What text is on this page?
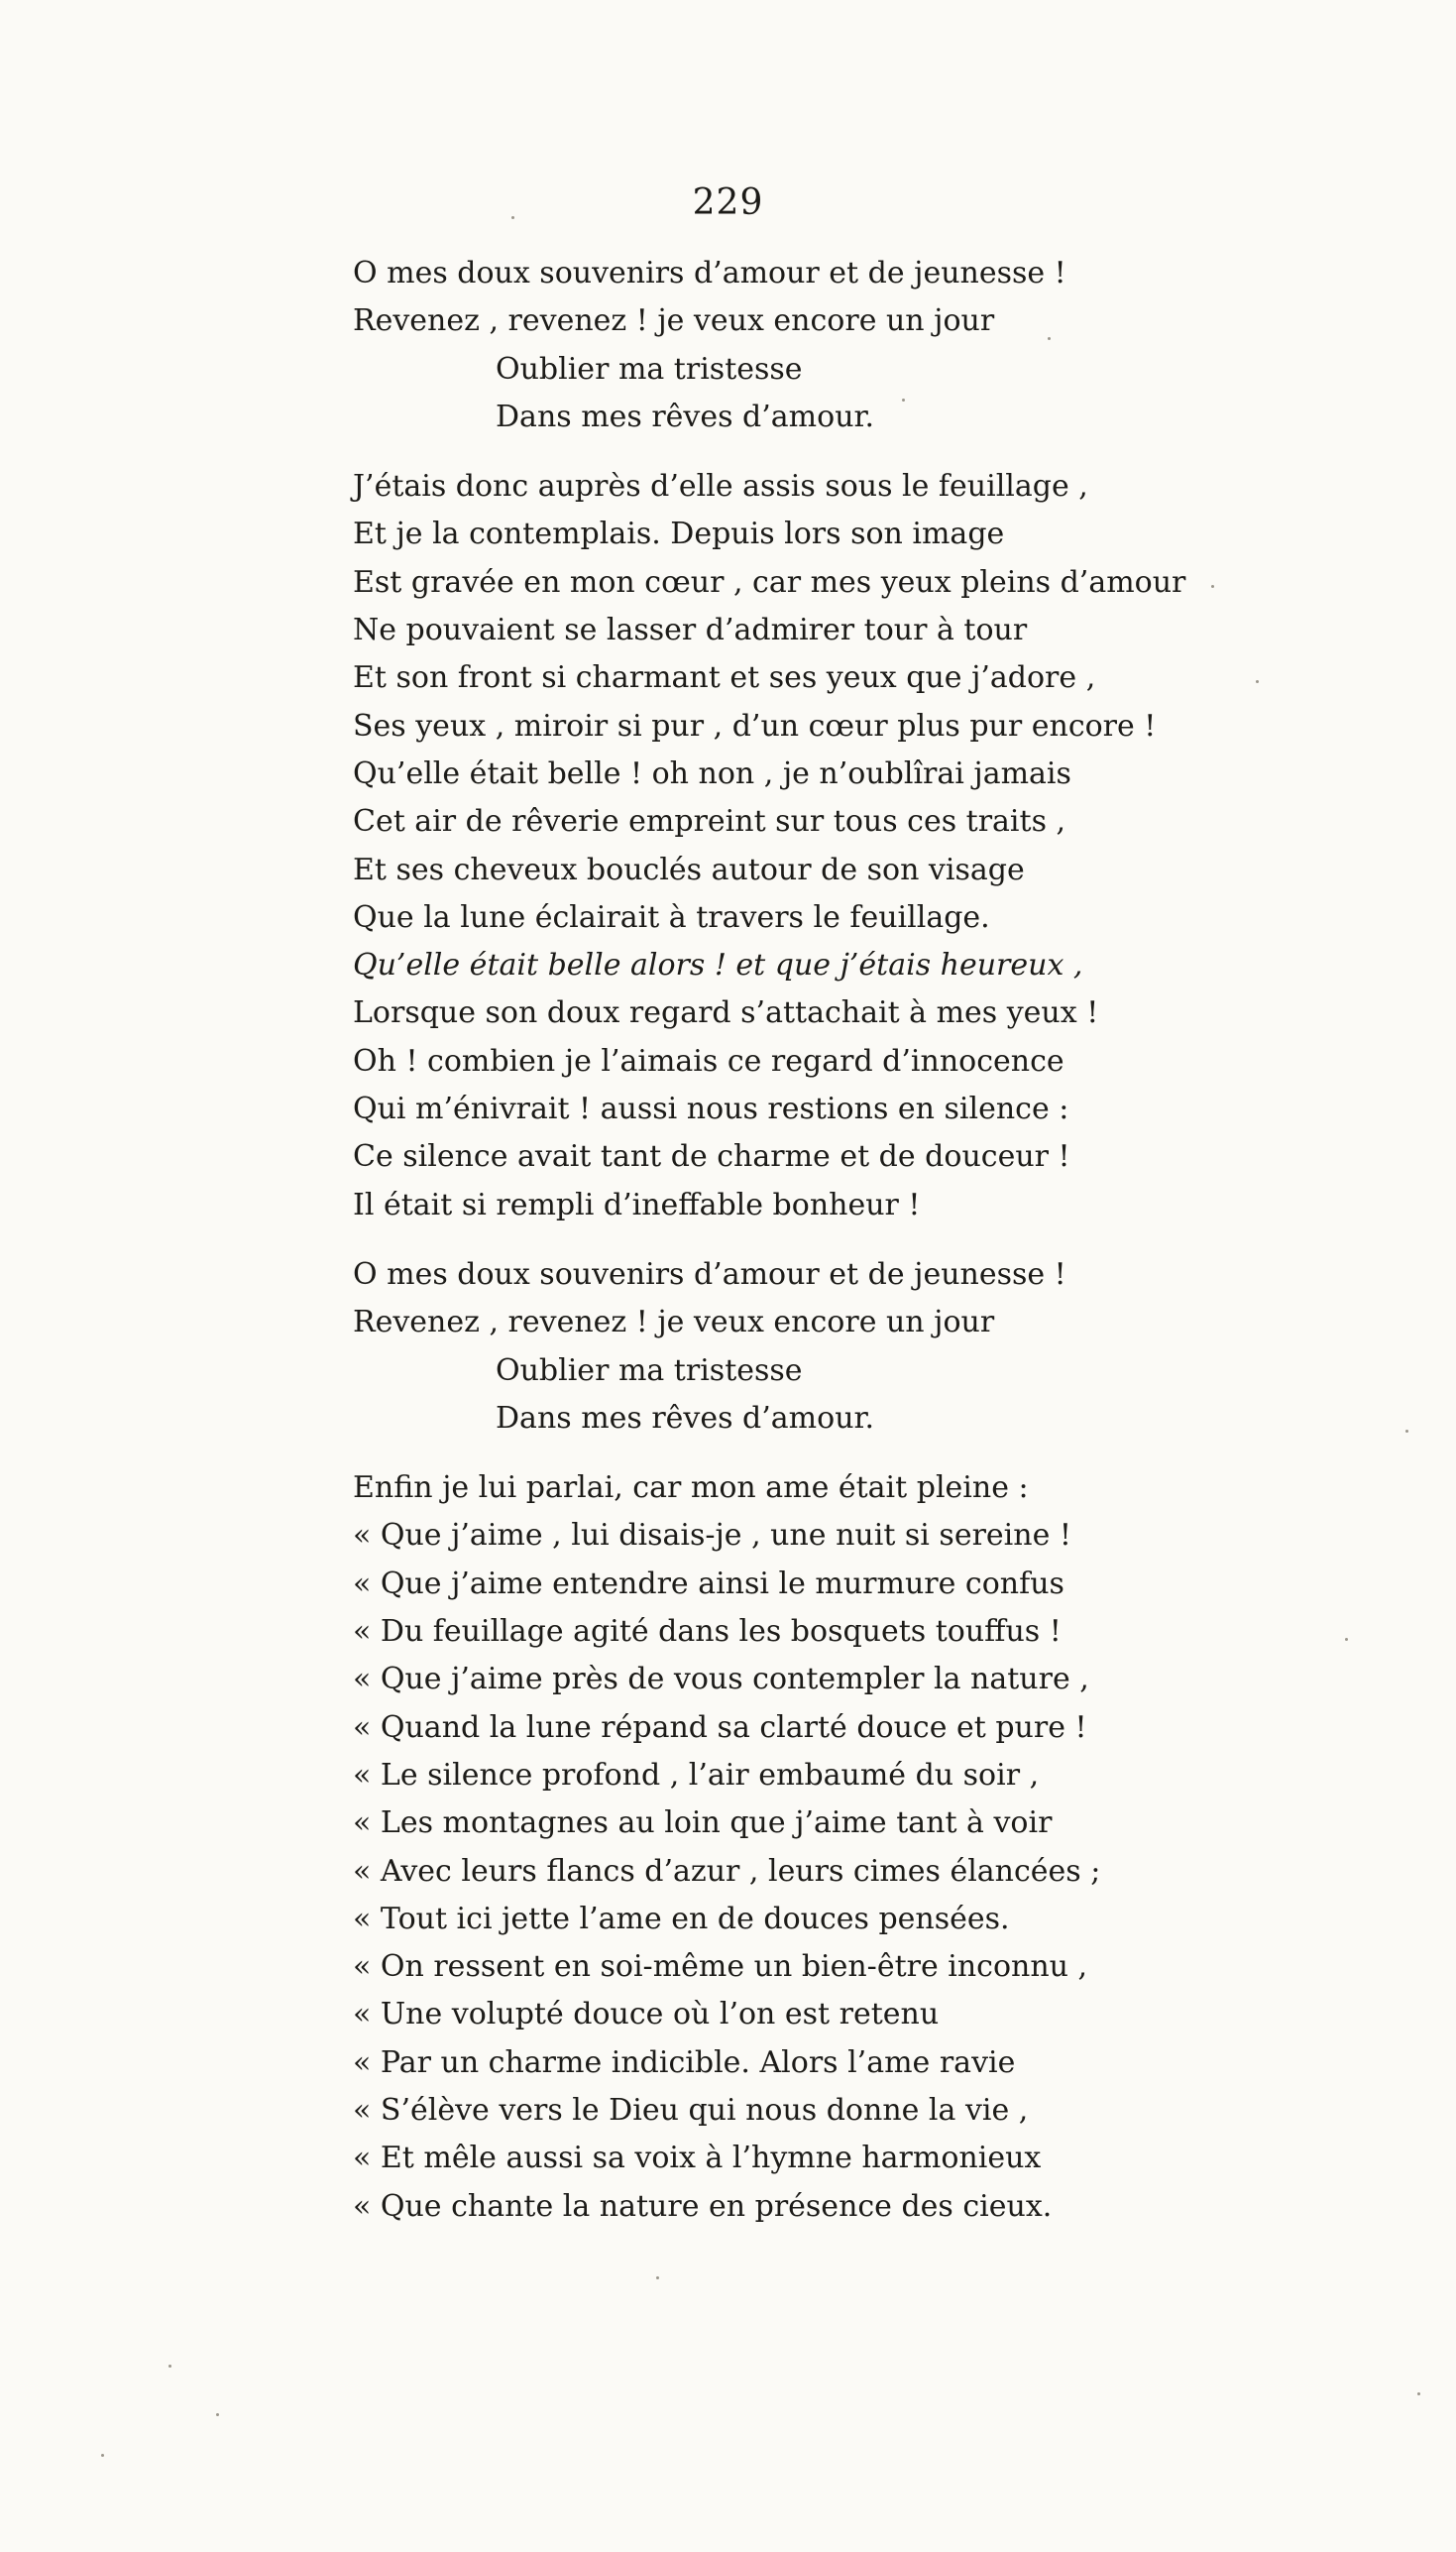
229
O mes doux souvenirs d’amour et de jeunesse !
Revenez , revenez ! je veux encore un jour
Oublier ma tristesse
Dans mes rêves d’amour.
J’étais donc auprès d’elle assis sous le feuillage ,
Et je la contemplais. Depuis lors son image
Est gravée en mon cœur , car mes yeux pleins d’amour
Ne pouvaient se lasser d’admirer tour à tour
Et son front si charmant et ses yeux que j’adore ,
Ses yeux , miroir si pur , d’un cœur plus pur encore !
Qu’elle était belle ! oh non , je n’oublîrai jamais
Cet air de rêverie empreint sur tous ces traits ,
Et ses cheveux bouclés autour de son visage
Que la lune éclairait à travers le feuillage.
Qu’elle était belle alors ! et que j’étais heureux ,
Lorsque son doux regard s’attachait à mes yeux !
Oh ! combien je l’aimais ce regard d’innocence
Qui m’énivrait ! aussi nous restions en silence :
Ce silence avait tant de charme et de douceur !
Il était si rempli d’ineffable bonheur !
O mes doux souvenirs d’amour et de jeunesse !
Revenez , revenez ! je veux encore un jour
Oublier ma tristesse
Dans mes rêves d’amour.
Enfin je lui parlai, car mon ame était pleine :
« Que j’aime , lui disais-je , une nuit si sereine !
« Que j’aime entendre ainsi le murmure confus
« Du feuillage agité dans les bosquets touffus !
« Que j’aime près de vous contempler la nature ,
« Quand la lune répand sa clarté douce et pure !
« Le silence profond , l’air embaumé du soir ,
« Les montagnes au loin que j’aime tant à voir
« Avec leurs flancs d’azur , leurs cimes élancées ;
« Tout ici jette l’ame en de douces pensées.
« On ressent en soi-même un bien-être inconnu ,
« Une volupté douce où l’on est retenu
« Par un charme indicible. Alors l’ame ravie
« S’élève vers le Dieu qui nous donne la vie ,
« Et mêle aussi sa voix à l’hymne harmonieux
« Que chante la nature en présence des cieux.
